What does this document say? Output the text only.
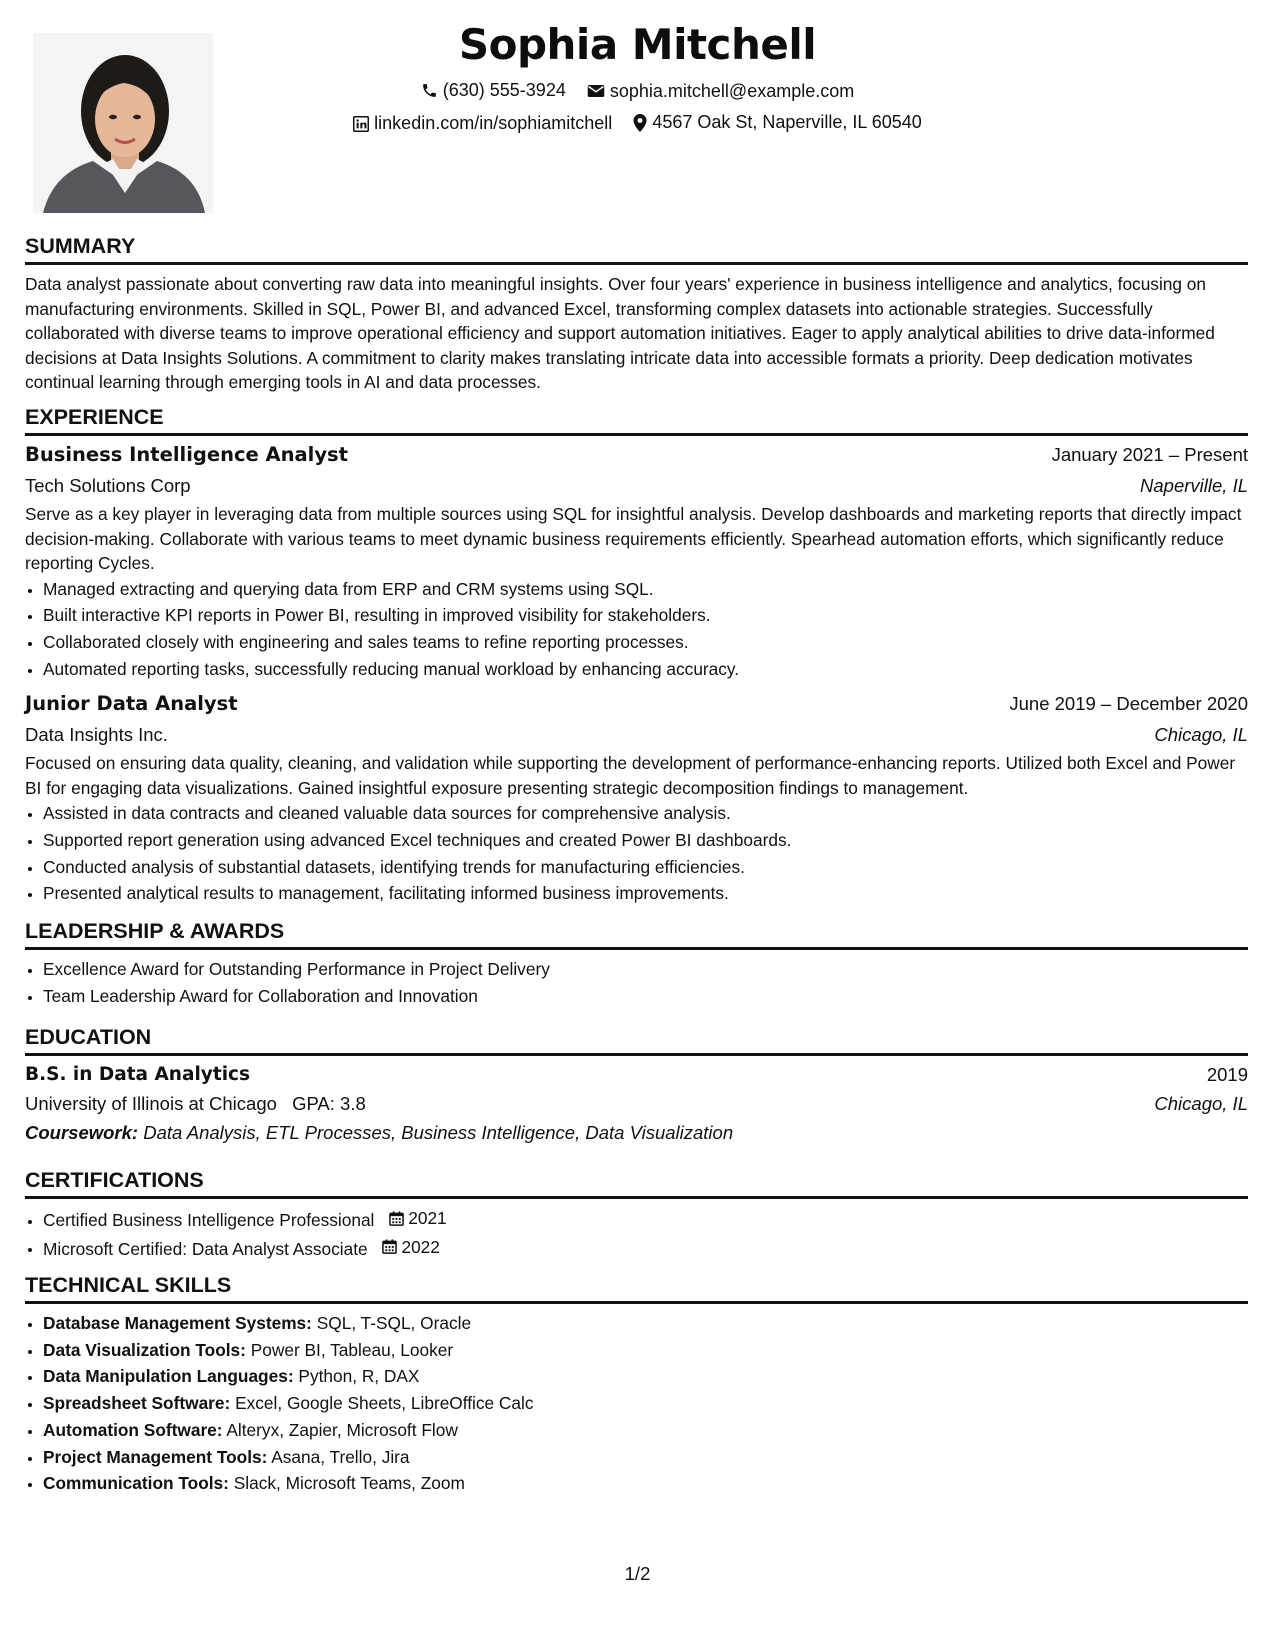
Sophia Mitchell
(630) 555-3924
sophia.mitchell@example.com
linkedin.com/in/sophiamitchell
4567 Oak St, Naperville, IL 60540
SUMMARY
Data analyst passionate about converting raw data into meaningful insights. Over four years' experience in business intelligence and analytics, focusing on manufacturing environments. Skilled in SQL, Power BI, and advanced Excel, transforming complex datasets into actionable strategies. Successfully collaborated with diverse teams to improve operational efficiency and support automation initiatives. Eager to apply analytical abilities to drive data-informed decisions at Data Insights Solutions. A commitment to clarity makes translating intricate data into accessible formats a priority. Deep dedication motivates continual learning through emerging tools in AI and data processes.
EXPERIENCE
Business Intelligence Analyst	January 2021 – Present
Tech Solutions Corp	Naperville, IL
Serve as a key player in leveraging data from multiple sources using SQL for insightful analysis. Develop dashboards and marketing reports that directly impact decision-making. Collaborate with various teams to meet dynamic business requirements efficiently. Spearhead automation efforts, which significantly reduce reporting Cycles.
• Managed extracting and querying data from ERP and CRM systems using SQL.
• Built interactive KPI reports in Power BI, resulting in improved visibility for stakeholders.
• Collaborated closely with engineering and sales teams to refine reporting processes.
• Automated reporting tasks, successfully reducing manual workload by enhancing accuracy.
Junior Data Analyst	June 2019 – December 2020
Data Insights Inc.	Chicago, IL
Focused on ensuring data quality, cleaning, and validation while supporting the development of performance-enhancing reports. Utilized both Excel and Power BI for engaging data visualizations. Gained insightful exposure presenting strategic decomposition findings to management.
• Assisted in data contracts and cleaned valuable data sources for comprehensive analysis.
• Supported report generation using advanced Excel techniques and created Power BI dashboards.
• Conducted analysis of substantial datasets, identifying trends for manufacturing efficiencies.
• Presented analytical results to management, facilitating informed business improvements.
LEADERSHIP & AWARDS
• Excellence Award for Outstanding Performance in Project Delivery
• Team Leadership Award for Collaboration and Innovation
EDUCATION
B.S. in Data Analytics	2019
University of Illinois at Chicago GPA: 3.8	Chicago, IL
Coursework: Data Analysis, ETL Processes, Business Intelligence, Data Visualization
CERTIFICATIONS
• Certified Business Intelligence Professional 2021
• Microsoft Certified: Data Analyst Associate 2022
TECHNICAL SKILLS
• Database Management Systems: SQL, T-SQL, Oracle
• Data Visualization Tools: Power BI, Tableau, Looker
• Data Manipulation Languages: Python, R, DAX
• Spreadsheet Software: Excel, Google Sheets, LibreOffice Calc
• Automation Software: Alteryx, Zapier, Microsoft Flow
• Project Management Tools: Asana, Trello, Jira
• Communication Tools: Slack, Microsoft Teams, Zoom
1/2
